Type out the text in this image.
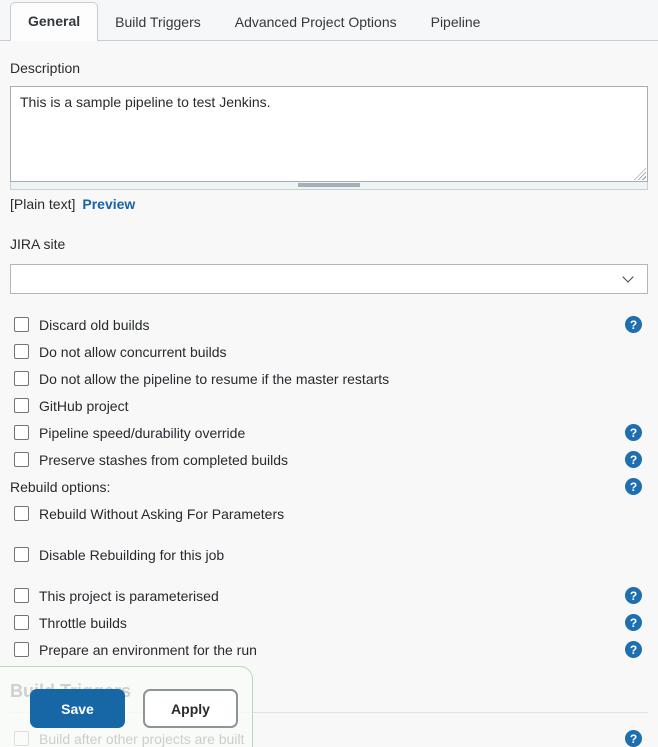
General	Build Triggers	Advanced Project Options	Pipeline
Description
This is a sample pipeline to test Jenkins.
[Plain text] Preview
JIRA site
Discard old builds	?
Do not allow concurrent builds
Do not allow the pipeline to resume if the master restarts
GitHub project
Pipeline speed/durability override	?
Preserve stashes from completed builds	?
Rebuild options:	?
Rebuild Without Asking For Parameters
Disable Rebuilding for this job
This project is parameterised	?
Throttle builds	?
Prepare an environment for the run	?
?
Save	Apply
